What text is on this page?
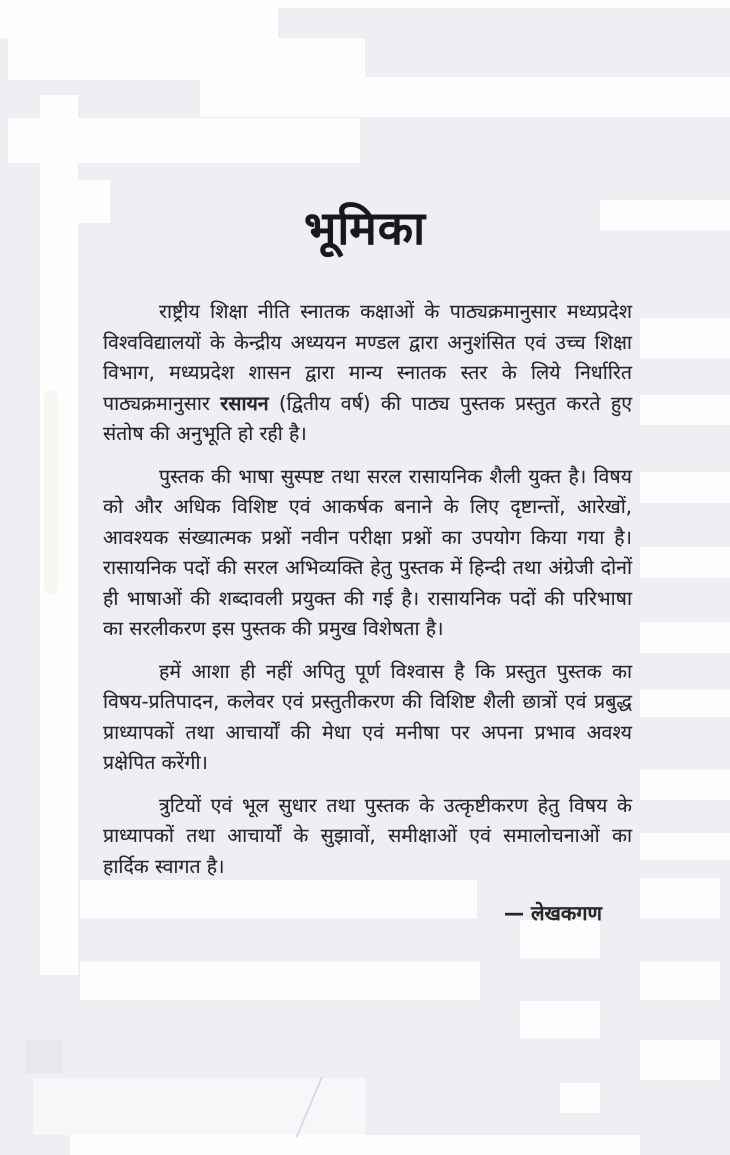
भूमिका

राष्ट्रीय शिक्षा नीति स्नातक कक्षाओं के पाठ्यक्रमानुसार मध्यप्रदेश विश्वविद्यालयों के केन्द्रीय अध्ययन मण्डल द्वारा अनुशंसित एवं उच्च शिक्षा विभाग, मध्यप्रदेश शासन द्वारा मान्य स्नातक स्तर के लिये निर्धारित पाठ्यक्रमानुसार रसायन (द्वितीय वर्ष) की पाठ्य पुस्तक प्रस्तुत करते हुए संतोष की अनुभूति हो रही है।

पुस्तक की भाषा सुस्पष्ट तथा सरल रासायनिक शैली युक्त है। विषय को और अधिक विशिष्ट एवं आकर्षक बनाने के लिए दृष्टान्तों, आरेखों, आवश्यक संख्यात्मक प्रश्नों नवीन परीक्षा प्रश्नों का उपयोग किया गया है। रासायनिक पदों की सरल अभिव्यक्ति हेतु पुस्तक में हिन्दी तथा अंग्रेजी दोनों ही भाषाओं की शब्दावली प्रयुक्त की गई है। रासायनिक पदों की परिभाषा का सरलीकरण इस पुस्तक की प्रमुख विशेषता है।

हमें आशा ही नहीं अपितु पूर्ण विश्वास है कि प्रस्तुत पुस्तक का विषय-प्रतिपादन, कलेवर एवं प्रस्तुतीकरण की विशिष्ट शैली छात्रों एवं प्रबुद्ध प्राध्यापकों तथा आचार्यों की मेधा एवं मनीषा पर अपना प्रभाव अवश्य प्रक्षेपित करेंगी।

त्रुटियों एवं भूल सुधार तथा पुस्तक के उत्कृष्टीकरण हेतु विषय के प्राध्यापकों तथा आचार्यों के सुझावों, समीक्षाओं एवं समालोचनाओं का हार्दिक स्वागत है।

— लेखकगण
